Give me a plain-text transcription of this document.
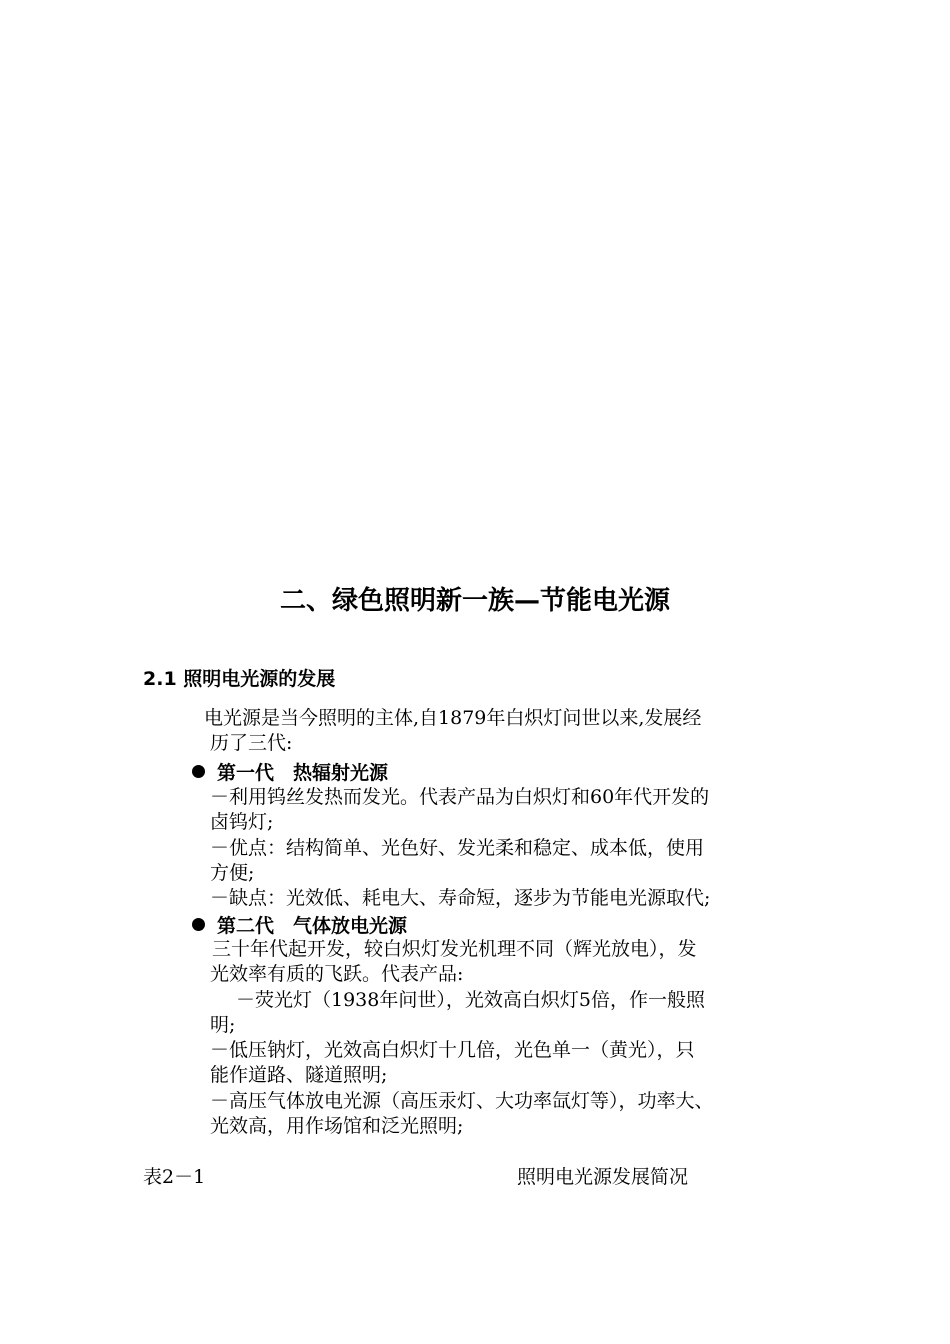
二、绿色照明新一族—节能电光源
2.1 照明电光源的发展
电光源是当今照明的主体,自1879年白炽灯问世以来,发展经
历了三代:
第一代　热辐射光源
－利用钨丝发热而发光。代表产品为白炽灯和60年代开发的
卤钨灯;
－优点：结构简单、光色好、发光柔和稳定、成本低，使用
方便;
－缺点：光效低、耗电大、寿命短，逐步为节能电光源取代;
第二代　气体放电光源
三十年代起开发，较白炽灯发光机理不同（辉光放电），发
光效率有质的飞跃。代表产品:
－荧光灯（1938年问世），光效高白炽灯5倍，作一般照
明;
－低压钠灯，光效高白炽灯十几倍，光色单一（黄光），只
能作道路、隧道照明;
－高压气体放电光源（高压汞灯、大功率氙灯等），功率大、
光效高，用作场馆和泛光照明;
表2－1	照明电光源发展简况
